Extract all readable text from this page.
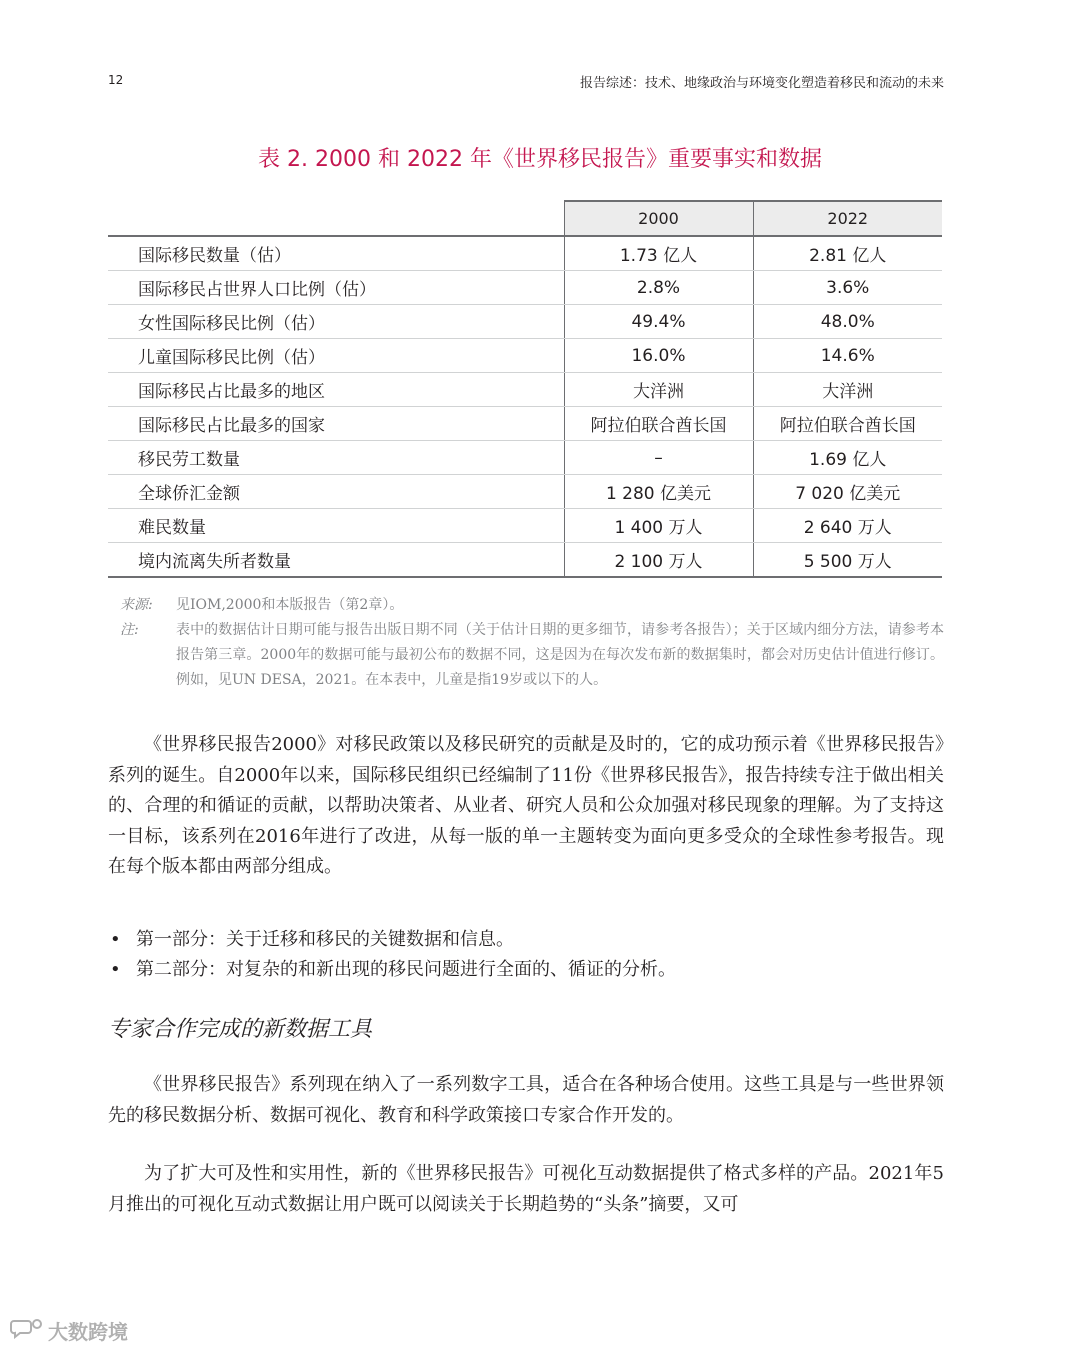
12	报告综述：技术、地缘政治与环境变化塑造着移民和流动的未来
表 2. 2000 和 2022 年《世界移民报告》重要事实和数据
	2000	2022
国际移民数量（估）	1.73 亿人	2.81 亿人
国际移民占世界人口比例（估）	2.8%	3.6%
女性国际移民比例（估）	49.4%	48.0%
儿童国际移民比例（估）	16.0%	14.6%
国际移民占比最多的地区	大洋洲	大洋洲
国际移民占比最多的国家	阿拉伯联合酋长国	阿拉伯联合酋长国
移民劳工数量	–	1.69 亿人
全球侨汇金额	1 280 亿美元	7 020 亿美元
难民数量	1 400 万人	2 640 万人
境内流离失所者数量	2 100 万人	5 500 万人
来源: 见IOM,2000和本版报告（第2章）。
注:	表中的数据估计日期可能与报告出版日期不同（关于估计日期的更多细节，请参考各报告）；关于区域内细分方法，请参考本报告第三章。2000年的数据可能与最初公布的数据不同，这是因为在每次发布新的数据集时，都会对历史估计值进行修订。例如，见UN DESA，2021。在本表中，儿童是指19岁或以下的人。

《世界移民报告2000》对移民政策以及移民研究的贡献是及时的，它的成功预示着《世界移民报告》系列的诞生。自2000年以来，国际移民组织已经编制了11份《世界移民报告》，报告持续专注于做出相关的、合理的和循证的贡献，以帮助决策者、从业者、研究人员和公众加强对移民现象的理解。为了支持这一目标，该系列在2016年进行了改进，从每一版的单一主题转变为面向更多受众的全球性参考报告。现在每个版本都由两部分组成。

• 第一部分：关于迁移和移民的关键数据和信息。
• 第二部分：对复杂的和新出现的移民问题进行全面的、循证的分析。
专家合作完成的新数据工具

《世界移民报告》系列现在纳入了一系列数字工具，适合在各种场合使用。这些工具是与一些世界领先的移民数据分析、数据可视化、教育和科学政策接口专家合作开发的。

为了扩大可及性和实用性，新的《世界移民报告》可视化互动数据提供了格式多样的产品。2021年5月推出的可视化互动式数据让用户既可以阅读关于长期趋势的“头条”摘要，又可

大数跨境
